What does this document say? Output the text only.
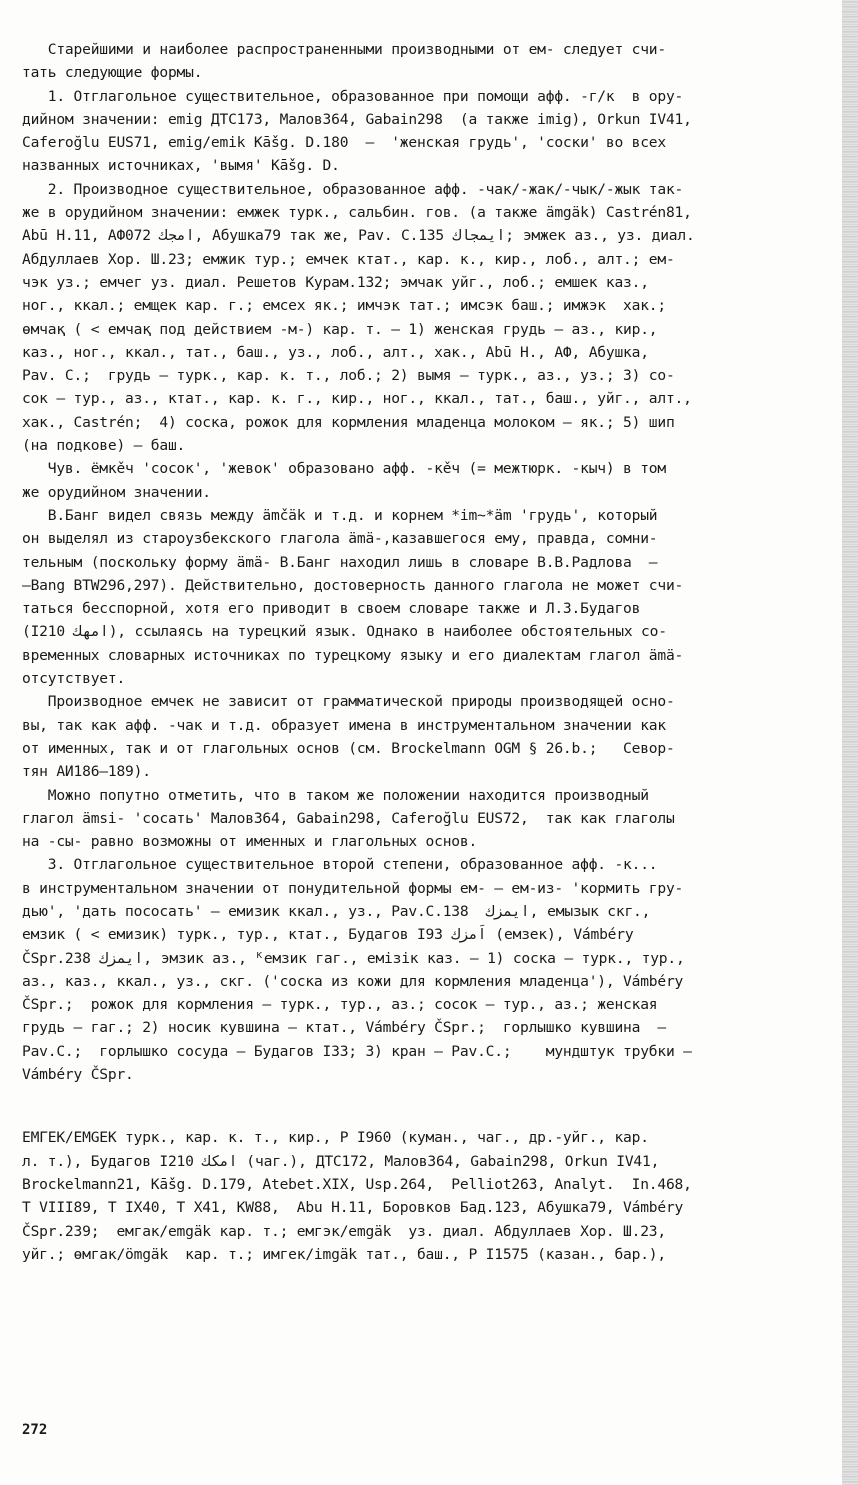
Старейшими и наиболее распространенными производными от ем- следует счи-
тать следующие формы.
1. Отглагольное существительное, образованное при помощи афф. -г/к  в ору-
дийном значении: emig ДТС173, Малов364, Gabain298  (а также imig), Orkun IV41,
Caferoğlu EUS71, emig/emik Kāšg. D.180  –  'женская грудь', 'соски' во всех
названных источниках, 'вымя' Kāšg. D.
2. Производное существительное, образованное афф. -чак/-жак/-чык/-жык так-
же в орудийном значении: емжек турк., сальбин. гов. (а также ämgäk) Castrén81,
Abū H.11, АФ072 امجك, Абушка79 так же, Pav. C.135 ايمجاك; эмжек аз., уз. диал.
Абдуллаев Хор. Ш.23; емжик тур.; емчек ктат., кар. к., кир., лоб., алт.; ем-
чэк уз.; емчег уз. диал. Решетов Курам.132; эмчак уйг., лоб.; емшек каз.,
ног., ккал.; емщек кар. г.; емсех як.; имчэк тат.; имсэк баш.; имжэк  хак.;
өмчақ ( < емчақ под действием -м-) кар. т. – 1) женская грудь – аз., кир.,
каз., ног., ккал., тат., баш., уз., лоб., алт., хак., Abū H., АФ, Абушка,
Pav. C.;  грудь – турк., кар. к. т., лоб.; 2) вымя – турк., аз., уз.; 3) со-
сок – тур., аз., ктат., кар. к. г., кир., ног., ккал., тат., баш., уйг., алт.,
хак., Castrén;  4) соска, рожок для кормления младенца молоком – як.; 5) шип
(на подкове) – баш.
Чув. ёмкěч 'сосок', 'жевок' образовано афф. -кěч (= межтюрк. -кыч) в том
же орудийном значении.
В.Банг видел связь между ämčäk и т.д. и корнем *im~*äm 'грудь', который
он выделял из староузбекского глагола ämä-,казавшегося ему, правда, сомни-
тельным (поскольку форму ämä- В.Банг находил лишь в словаре В.В.Радлова  –
–Bang BTW296,297). Действительно, достоверность данного глагола не может счи-
таться бесспорной, хотя его приводит в своем словаре также и Л.З.Будагов
(I210 امهك), ссылаясь на турецкий язык. Однако в наиболее обстоятельных со-
временных словарных источниках по турецкому языку и его диалектам глагол ämä-
отсутствует.
Производное емчек не зависит от грамматической природы производящей осно-
вы, так как афф. -чак и т.д. образует имена в инструментальном значении как
от именных, так и от глагольных основ (см. Brockelmann OGM § 26.b.;   Севор-
тян АИ186–189).
Можно попутно отметить, что в таком же положении находится производный
глагол ämsi- 'сосать' Малов364, Gabain298, Caferoğlu EUS72,  так как глаголы
на -сы- равно возможны от именных и глагольных основ.
3. Отглагольное существительное второй степени, образованное афф. -к...
в инструментальном значении от понудительной формы ем- – ем-из- 'кормить гру-
дью', 'дать пососать' – емизик ккал., уз., Pav.C.138  ايمزك, емызык скг.,
емзик ( < емизик) турк., тур., ктат., Будагов I93 اَمزك (емзек), Vámbéry
ČSpr.238 ايمزك, эмзик аз., ᴷемзик гаг., емізік каз. – 1) соска – турк., тур.,
аз., каз., ккал., уз., скг. ('соска из кожи для кормления младенца'), Vámbéry
ČSpr.;  рожок для кормления – турк., тур., аз.; сосок – тур., аз.; женская
грудь – гаг.; 2) носик кувшина – ктат., Vámbéry ČSpr.;  горлышко кувшина  –
Pav.C.;  горлышко сосуда – Будагов I33; 3) кран – Pav.C.;    мундштук трубки –
Vámbéry ČSpr.
ЕМГЕК/EMGEK турк., кар. к. т., кир., Р I960 (куман., чаг., др.-уйг., кар.
л. т.), Будагов I210 امكك (чаг.), ДТС172, Малов364, Gabain298, Orkun IV41,
Brockelmann21, Kāšg. D.179, Atebet.XIX, Usp.264,  Pelliot263, Analyt.  In.468,
T VIII89, T IX40, T X41, KW88,  Abu H.11, Боровков Бад.123, Абушка79, Vámbéry
ČSpr.239;  емгак/emgäk кар. т.; емгэк/emgäk  уз. диал. Абдуллаев Хор. Ш.23,
уйг.; өмгак/ömgäk  кар. т.; имгек/imgäk тат., баш., Р I1575 (казан., бар.),
272
